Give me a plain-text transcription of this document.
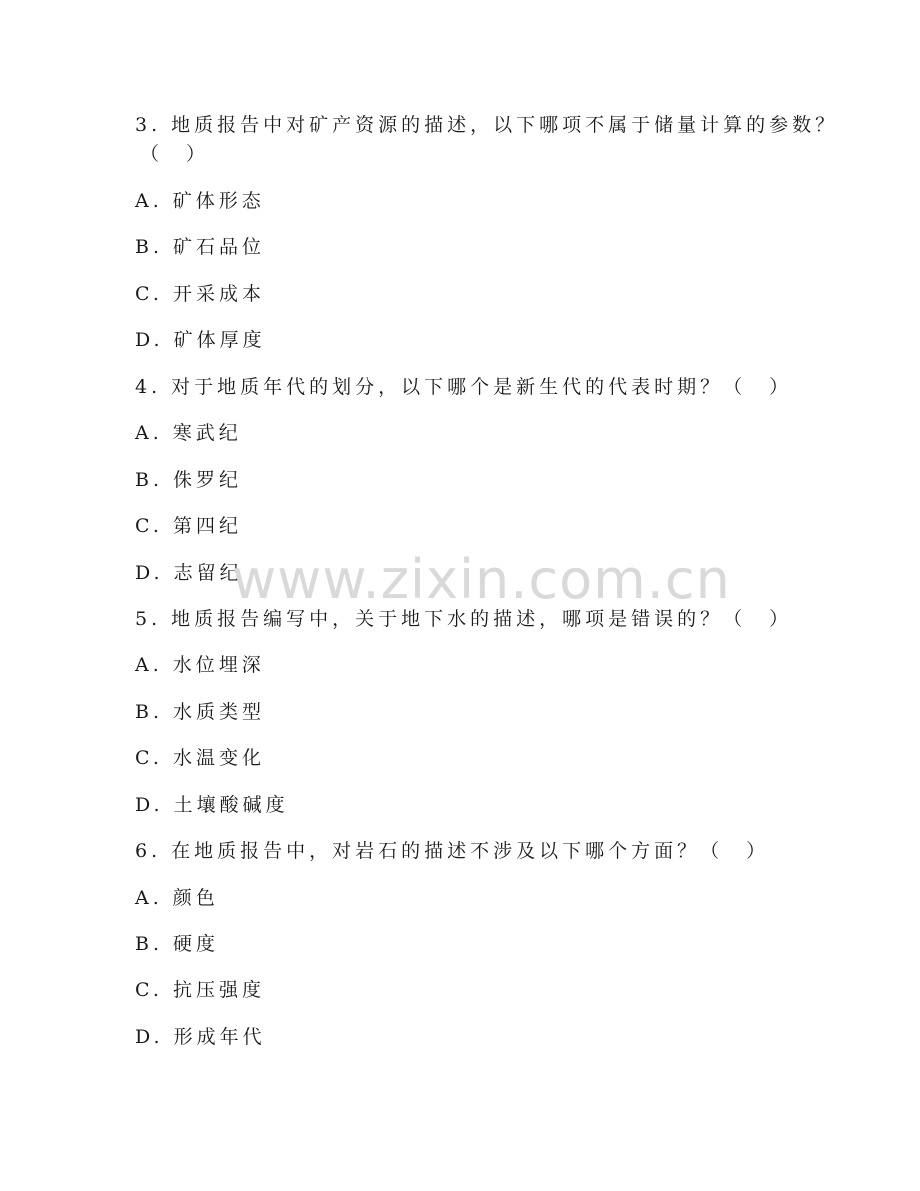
3. 地质报告中对矿产资源的描述，以下哪项不属于储量计算的参数？
（　）
A. 矿体形态
B. 矿石品位
C. 开采成本
D. 矿体厚度
4. 对于地质年代的划分，以下哪个是新生代的代表时期？（　）
A. 寒武纪
B. 侏罗纪
C. 第四纪
D. 志留纪
5. 地质报告编写中，关于地下水的描述，哪项是错误的？（　）
A. 水位埋深
B. 水质类型
C. 水温变化
D. 土壤酸碱度
6. 在地质报告中，对岩石的描述不涉及以下哪个方面？（　）
A. 颜色
B. 硬度
C. 抗压强度
D. 形成年代
www.zixin.com.cn
